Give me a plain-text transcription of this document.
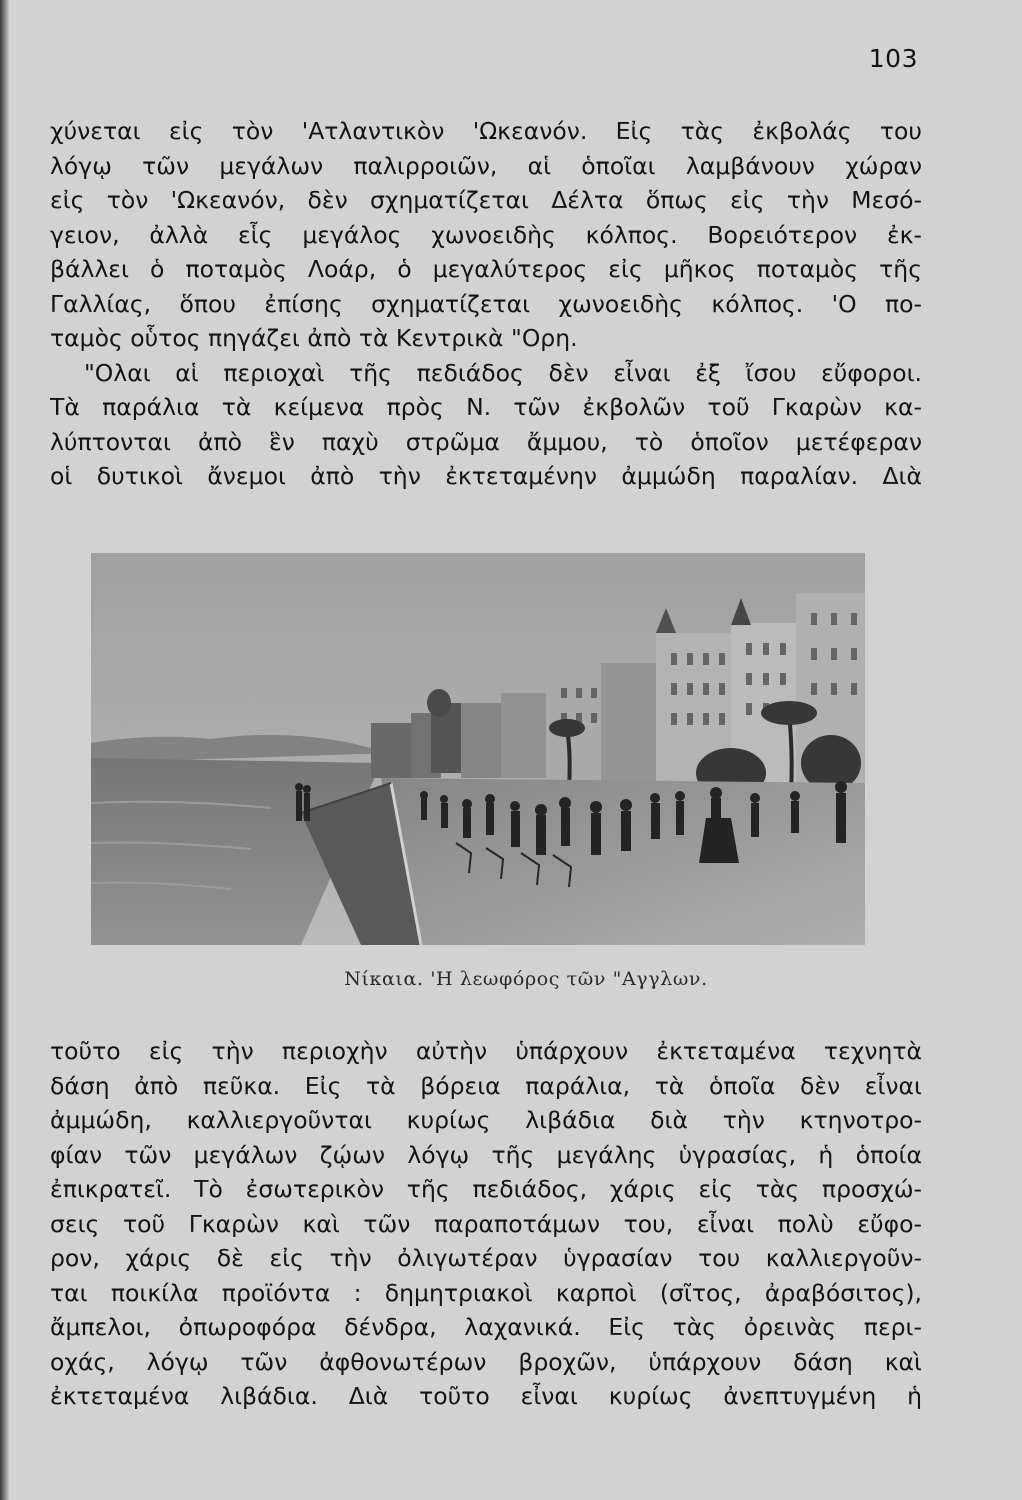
103
χύνεται εἰς τὸν 'Ατλαντικὸν 'Ωκεανόν. Εἰς τὰς ἐκβολάς του
λόγῳ τῶν μεγάλων παλιρροιῶν, αἱ ὁποῖαι λαμβάνουν χώραν
εἰς τὸν 'Ωκεανόν, δὲν σχηματίζεται Δέλτα ὅπως εἰς τὴν Μεσό-
γειον, ἀλλὰ εἷς μεγάλος χωνοειδὴς κόλπος. Βορειότερον ἐκ-
βάλλει ὁ ποταμὸς Λοάρ, ὁ μεγαλύτερος εἰς μῆκος ποταμὸς τῆς
Γαλλίας, ὅπου ἐπίσης σχηματίζεται χωνοειδὴς κόλπος. 'Ο πο-
ταμὸς οὗτος πηγάζει ἀπὸ τὰ Κεντρικὰ "Ορη.
"Ολαι αἱ περιοχαὶ τῆς πεδιάδος δὲν εἶναι ἐξ ἴσου εὔφοροι.
Τὰ παράλια τὰ κείμενα πρὸς Ν. τῶν ἐκβολῶν τοῦ Γκαρὼν κα-
λύπτονται ἀπὸ ἓν παχὺ στρῶμα ἄμμου, τὸ ὁποῖον μετέφεραν
οἱ δυτικοὶ ἄνεμοι ἀπὸ τὴν ἐκτεταμένην ἀμμώδη παραλίαν. Διὰ
Νίκαια. 'Η λεωφόρος τῶν "Αγγλων.
τοῦτο εἰς τὴν περιοχὴν αὐτὴν ὑπάρχουν ἐκτεταμένα τεχνητὰ
δάση ἀπὸ πεῦκα. Εἰς τὰ βόρεια παράλια, τὰ ὁποῖα δὲν εἶναι
ἀμμώδη, καλλιεργοῦνται κυρίως λιβάδια διὰ τὴν κτηνοτρο-
φίαν τῶν μεγάλων ζῴων λόγῳ τῆς μεγάλης ὑγρασίας, ἡ ὁποία
ἐπικρατεῖ. Τὸ ἐσωτερικὸν τῆς πεδιάδος, χάρις εἰς τὰς προσχώ-
σεις τοῦ Γκαρὼν καὶ τῶν παραποτάμων του, εἶναι πολὺ εὔφο-
ρον, χάρις δὲ εἰς τὴν ὀλιγωτέραν ὑγρασίαν του καλλιεργοῦν-
ται ποικίλα προϊόντα : δημητριακοὶ καρποὶ (σῖτος, ἀραβόσιτος),
ἄμπελοι, ὀπωροφόρα δένδρα, λαχανικά. Εἰς τὰς ὀρεινὰς περι-
οχάς, λόγῳ τῶν ἀφθονωτέρων βροχῶν, ὑπάρχουν δάση καὶ
ἐκτεταμένα λιβάδια. Διὰ τοῦτο εἶναι κυρίως ἀνεπτυγμένη ἡ
